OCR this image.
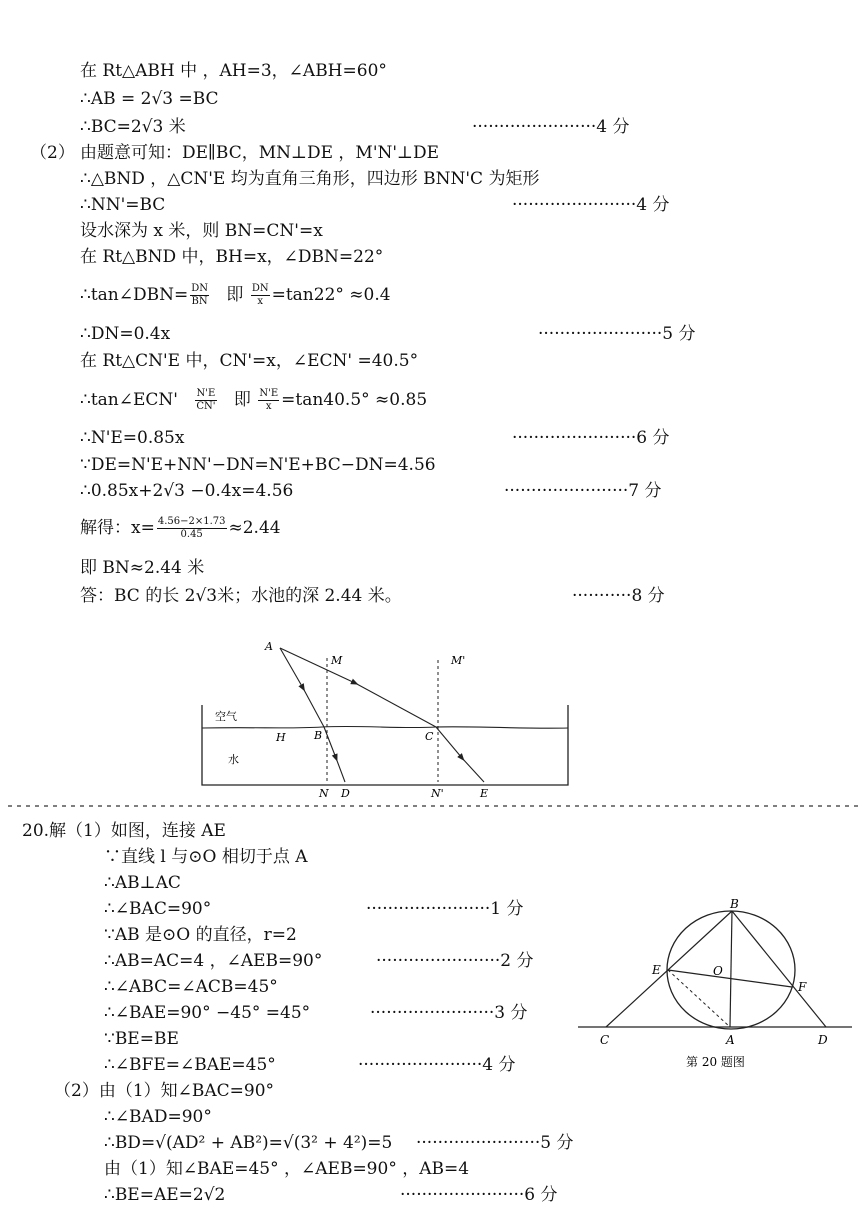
在 Rt△ABH 中 ，AH=3，∠ABH=60°
∴AB = 2√3 =BC
∴BC=2√3 米	·······················4 分
（2） 由题意可知：DE∥BC，MN⊥DE ，M'N'⊥DE
∴△BND ，△CN'E 均为直角三角形，四边形 BNN'C 为矩形
∴NN'=BC	·······················4 分
设水深为 x 米，则 BN=CN'=x
在 Rt△BND 中，BH=x，∠DBN=22°
∴tan∠DBN= $\frac{DN}{BN}$ 即 $\frac{DN}{x} =\tan 22^\circ \approx 0.4$
∴DN=0.4x	·······················5 分
在 Rt△CN'E 中，CN'=x，∠ECN' =40.5°
∴tan∠ECN' $\frac{N'E}{CN'}$ 即 $\frac{N'E}{x} =\tan 40.5^\circ \approx 0.85$
∴N'E=0.85x	·······················6 分
∵DE=N'E+NN'−DN=N'E+BC−DN=4.56
∴0.85x+2√3 −0.4x=4.56	·······················7 分
解得：$x= \frac{4.56-2\times 1.73}{0.45} \approx 2.44$
即 BN≈2.44 米
答：BC 的长 2√3米；水池的深 2.44 米。	···········8 分
A
M	M'
空气
H	B	C
水
N D	N'	E
20.解（1）如图，连接 AE
∵直线 l 与⊙O 相切于点 A
∴AB⊥AC
∴∠BAC=90°	·······················1 分
∵AB 是⊙O 的直径，r=2
∴AB=AC=4 ，∠AEB=90°	·······················2 分
∴∠ABC=∠ACB=45°
∴∠BAE=90° −45° =45°	·······················3 分
∵BE=BE
∴∠BFE=∠BAE=45°	·······················4 分
（2）由（1）知∠BAC=90°
∴∠BAD=90°
∴BD=√(AD² + AB²)=√(3² + 4²)=5 ·······················5 分
由（1）知∠BAE=45° ，∠AEB=90° ，AB=4
∴BE=AE=2√2	·······················6 分
B
E	O
F
C	A	D
第 20 题图
